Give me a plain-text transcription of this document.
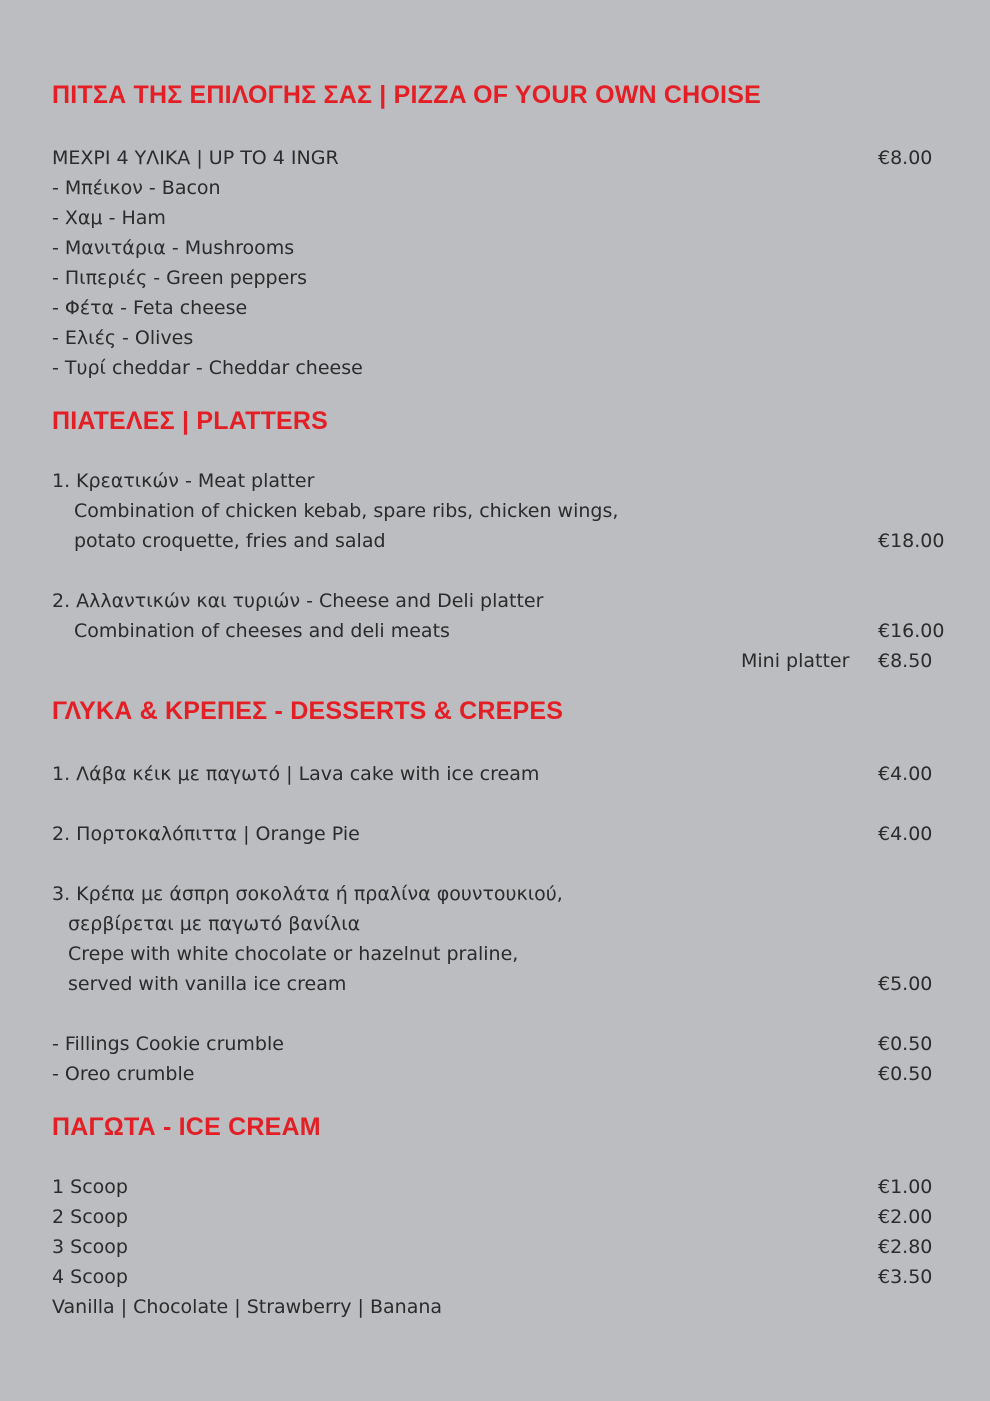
ΠΙΤΣΑ ΤΗΣ ΕΠΙΛΟΓΗΣ ΣΑΣ | PIZZA OF YOUR OWN CHOISE
ΜΕΧΡΙ 4 ΥΛΙΚΑ | UP TO 4 INGR	€8.00
- Μπέικον - Bacon
- Χαμ - Ham
- Μανιτάρια - Mushrooms
- Πιπεριές - Green peppers
- Φέτα - Feta cheese
- Ελιές - Olives
- Τυρί cheddar - Cheddar cheese
ΠΙΑΤΕΛΕΣ | PLATTERS
1. Κρεατικών - Meat platter
Combination of chicken kebab, spare ribs, chicken wings,
potato croquette, fries and salad	€18.00
2. Αλλαντικών και τυριών - Cheese and Deli platter
Combination of cheeses and deli meats	€16.00
Mini platter €8.50
ΓΛΥΚΑ & ΚΡΕΠΕΣ - DESSERTS & CREPES
1. Λάβα κέικ με παγωτό | Lava cake with ice cream	€4.00
2. Πορτοκαλόπιττα | Orange Pie	€4.00
3. Κρέπα με άσπρη σοκολάτα ή πραλίνα φουντουκιού,
σερβίρεται με παγωτό βανίλια
Crepe with white chocolate or hazelnut praline,
served with vanilla ice cream	€5.00
- Fillings Cookie crumble	€0.50
- Oreo crumble	€0.50
ΠΑΓΩΤΑ - ICE CREAM
1 Scoop	€1.00
2 Scoop	€2.00
3 Scoop	€2.80
4 Scoop	€3.50
Vanilla | Chocolate | Strawberry | Banana
